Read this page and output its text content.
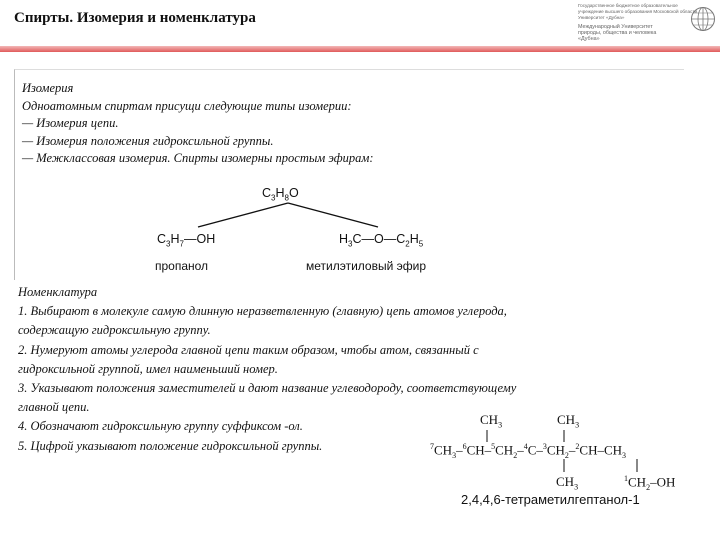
Спирты. Изомерия и номенклатура
Государственное бюджетное образовательное
учреждение высшего образования Московской области
Университет «Дубна»
Международный Университет
природы, общества и человека
«Дубна»
Изомерия
Одноатомным спиртам присущи следующие типы изомерии:
— Изомерия цепи.
— Изомерия положения гидроксильной группы.
— Межклассовая изомерия. Спирты изомерны простым эфирам:
$C_3H_8O$
$C_3H_7—OH$	$H_3C—O—C_2H_5$
пропанол	метилэтиловый эфир
Номенклатура
1. Выбирают в молекуле самую длинную неразветвленную (главную) цепь атомов углерода,
содержащую гидроксильную группу.
2. Нумеруют атомы углерода главной цепи таким образом, чтобы атом, связанный с
гидроксильной группой, имел наименьший номер.
3. Указывают положения заместителей и дают название углеводороду, соответствующему
главной цепи.
4. Обозначают гидроксильную группу суффиксом -ол.
5. Цифрой указывают положение гидроксильной группы.
$CH_3$	$CH_3$
$^7CH_3-^6CH-^5CH_2-^4C-^3CH_2-^2CH-CH_3$
$CH_3$
$^1CH_2-OH$
2,4,4,6-тетраметилгептанол-1
